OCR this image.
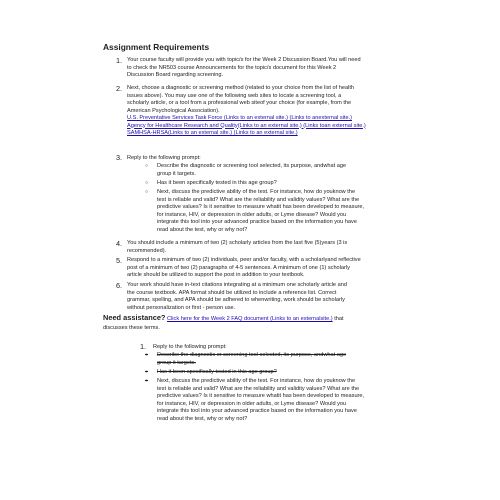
Assignment Requirements
1. Your course faculty will provide you with topic/s for the Week 2 Discussion Board.You will need
to check the NR503 course Announcements for the topic/s document for this Week 2
Discussion Board regarding screening.
2. Next, choose a diagnostic or screening method (related to your choice from the list of health
issues above). You may use one of the following web sites to locate a screening tool, a
scholarly article, or a tool from a professional web siteof your choice (for example, from the
American Psychological Association).
U.S. Preventative Services Task Force (Links to an external site.) (Links to anexternal site.)
Agency for Healthcare Research and Quality(Links to an external site.) (Links toan external site.)
SAMHSA-HRSA(Links to an external site.) (Links to an external site.)
3. Reply to the following prompt:
○ Describe the diagnostic or screening tool selected, its purpose, andwhat age
group it targets.
○ Has it been specifically tested in this age group?
○ Next, discuss the predictive ability of the test. For instance, how do youknow the
test is reliable and valid? What are the reliability and validity values? What are the
predictive values? Is it sensitive to measure whatit has been developed to measure,
for instance, HIV, or depression in older adults, or Lyme disease? Would you
integrate this tool into your advanced practice based on the information you have
read about the test, why or why not?
4. You should include a minimum of two (2) scholarly articles from the last five (5)years (3 is
recommended).
5. Respond to a minimum of two (2) individuals, peer and/or faculty, with a scholarlyand reflective
post of a minimum of two (2) paragraphs of 4-5 sentences. A minimum of one (1) scholarly
article should be utilized to support the post in addition to your textbook.
6. Your work should have in-text citations integrating at a minimum one scholarly article and
the course textbook. APA format should be utilized to include a reference list. Correct
grammar, spelling, and APA should be adhered to whenwriting, work should be scholarly
without personalization or first - person use.
Need assistance? Click here for the Week 2 FAQ document (Links to an externalsite.) that
discusses these terms.
1. Reply to the following prompt:
○ Describe the diagnostic or screening tool selected, its purpose, andwhat age
group it targets.
○ Has it been specifically tested in this age group?
○ Next, discuss the predictive ability of the test. For instance, how do youknow the
test is reliable and valid? What are the reliability and validity values? What are the
predictive values? Is it sensitive to measure whatit has been developed to measure,
for instance, HIV, or depression in older adults, or Lyme disease? Would you
integrate this tool into your advanced practice based on the information you have
read about the test, why or why not?
